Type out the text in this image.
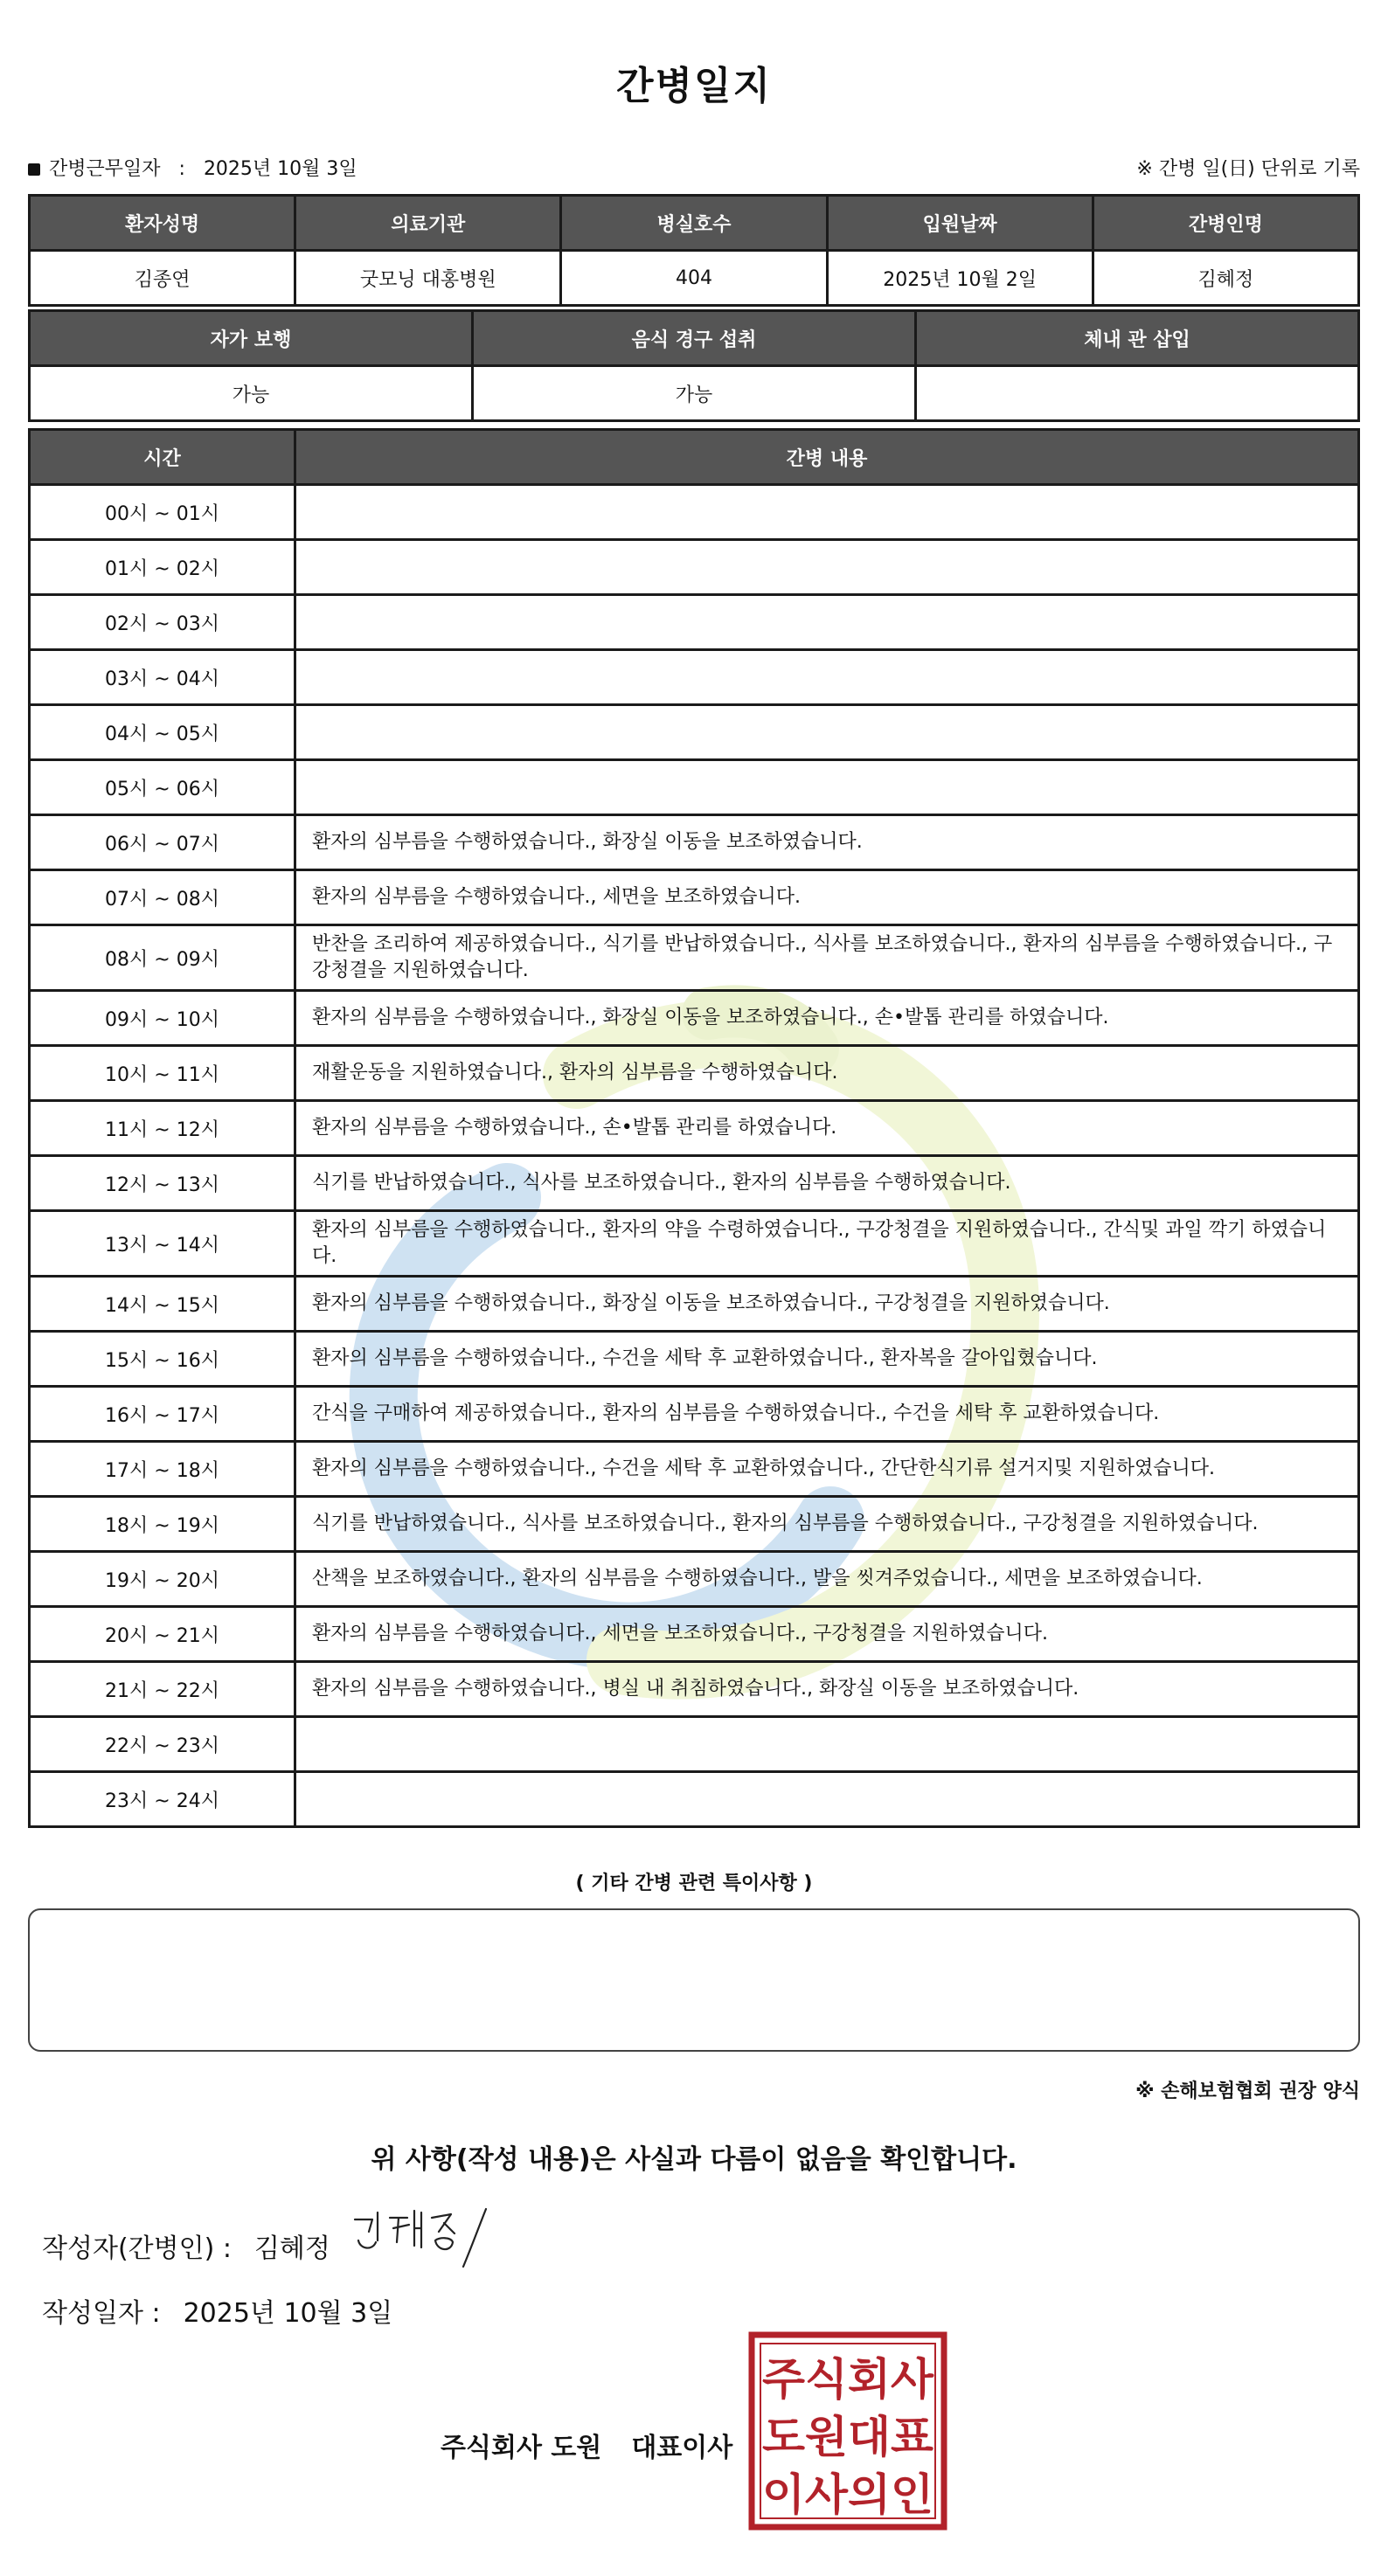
간병일지
간병근무일자 : 2025년 10월 3일	※ 간병 일(日) 단위로 기록
환자성명	의료기관	병실호수	입원날짜	간병인명
김종연	굿모닝 대홍병원	404	2025년 10월 2일	김혜정
자가 보행	음식 경구 섭취	체내 관 삽입
가능	가능	
시간	간병 내용
00시 ~ 01시	
01시 ~ 02시	
02시 ~ 03시	
03시 ~ 04시	
04시 ~ 05시	
05시 ~ 06시	
06시 ~ 07시	환자의 심부름을 수행하였습니다., 화장실 이동을 보조하였습니다.
07시 ~ 08시	환자의 심부름을 수행하였습니다., 세면을 보조하였습니다.
08시 ~ 09시	반찬을 조리하여 제공하였습니다., 식기를 반납하였습니다., 식사를 보조하였습니다., 환자의 심부름을 수행하였습니다., 구강청결을 지원하였습니다.
09시 ~ 10시	환자의 심부름을 수행하였습니다., 화장실 이동을 보조하였습니다., 손•발톱 관리를 하였습니다.
10시 ~ 11시	재활운동을 지원하였습니다., 환자의 심부름을 수행하였습니다.
11시 ~ 12시	환자의 심부름을 수행하였습니다., 손•발톱 관리를 하였습니다.
12시 ~ 13시	식기를 반납하였습니다., 식사를 보조하였습니다., 환자의 심부름을 수행하였습니다.
13시 ~ 14시	환자의 심부름을 수행하였습니다., 환자의 약을 수령하였습니다., 구강청결을 지원하였습니다., 간식및 과일 깍기 하였습니다.
14시 ~ 15시	환자의 심부름을 수행하였습니다., 화장실 이동을 보조하였습니다., 구강청결을 지원하였습니다.
15시 ~ 16시	환자의 심부름을 수행하였습니다., 수건을 세탁 후 교환하였습니다., 환자복을 갈아입혔습니다.
16시 ~ 17시	간식을 구매하여 제공하였습니다., 환자의 심부름을 수행하였습니다., 수건을 세탁 후 교환하였습니다.
17시 ~ 18시	환자의 심부름을 수행하였습니다., 수건을 세탁 후 교환하였습니다., 간단한식기류 설거지및 지원하였습니다.
18시 ~ 19시	식기를 반납하였습니다., 식사를 보조하였습니다., 환자의 심부름을 수행하였습니다., 구강청결을 지원하였습니다.
19시 ~ 20시	산책을 보조하였습니다., 환자의 심부름을 수행하였습니다., 발을 씻겨주었습니다., 세면을 보조하였습니다.
20시 ~ 21시	환자의 심부름을 수행하였습니다., 세면을 보조하였습니다., 구강청결을 지원하였습니다.
21시 ~ 22시	환자의 심부름을 수행하였습니다., 병실 내 취침하였습니다., 화장실 이동을 보조하였습니다.
22시 ~ 23시	
23시 ~ 24시	
( 기타 간병 관련 특이사항 )
※ 손해보험협회 권장 양식
위 사항(작성 내용)은 사실과 다름이 없음을 확인합니다.
작성자(간병인) : 김혜정
작성일자 : 2025년 10월 3일
주식회사 도원 대표이사
주식회사
도원대표
이사의인
